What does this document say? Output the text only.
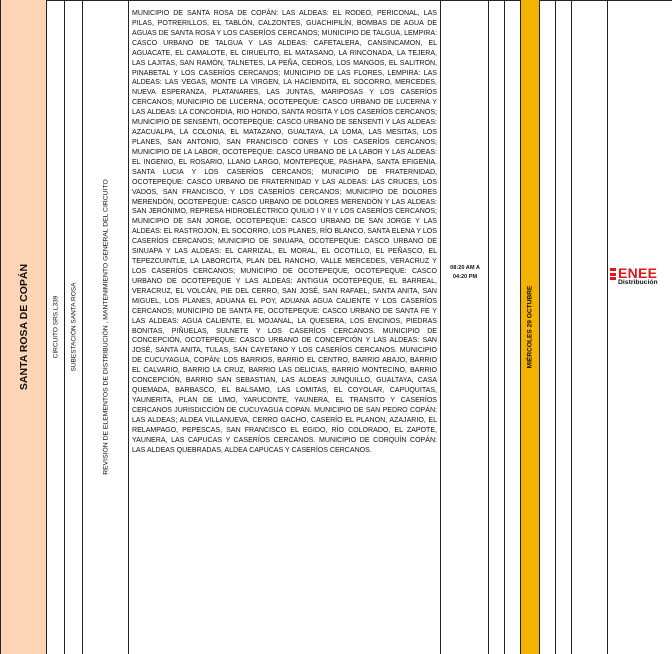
SANTA ROSA DE COPÁN	CIRCUITO SRS L339 SUBESTACIÓN SANTA ROSA	REVISIÓN DE ELEMENTOS DE DISTRIBUCIÓN , MANTENIMIENTO GENERAL DEL CIRCUITO

MUNICIPIO DE SANTA ROSA DE COPÁN: LAS ALDEAS: EL RODEO, PERICONAL, LAS PILAS, POTRERILLOS, EL TABLÓN, CALZONTES, GUACHIPILÍN, BOMBAS DE AGUA DE AGUAS DE SANTA ROSA Y LOS CASERÍOS CERCANOS; MUNICIPIO DE TALGUA, LEMPIRA: CASCO URBANO DE TALGUA Y LAS ALDEAS: CAFETALERA, CANSINCAMON, EL AGUACATE, EL CAMALOTE, EL CIRUELITO, EL MATASANO, LA RINCONADA, LA TEJERA, LAS LAJITAS, SAN RAMÓN, TALNETES, LA PEÑA, CEDROS, LOS MANGOS, EL SALITRON, PINABETAL Y LOS CASERÍOS CERCANOS; MUNICIPIO DE LAS FLORES, LEMPIRA: LAS ALDEAS: LAS VEGAS, MONTE LA VIRGEN, LA HACIENDITA, EL SOCORRO, MERCEDES, NUEVA ESPERANZA, PLATANARES, LAS JUNTAS, MARIPOSAS Y LOS CASERÍOS CERCANOS; MUNICIPIO DE LUCERNA, OCOTEPEQUE: CASCO URBANO DE LUCERNA Y LAS ALDEAS: LA CONCORDIA, RIO HONDO, SANTA ROSITA Y LOS CASERÍOS CERCANOS; MUNICIPIO DE SENSENTI, OCOTEPEQUE: CASCO URBANO DE SENSENTI Y LAS ALDEAS: AZACUALPA, LA COLONIA, EL MATAZANO, GUALTAYA, LA LOMA, LAS MESITAS, LOS PLANES, SAN ANTONIO, SAN FRANCISCO CONES Y LOS CASERÍOS CERCANOS; MUNICIPIO DE LA LABOR, OCOTEPEQUE: CASCO URBANO DE LA LABOR Y LAS ALDEAS: EL INGENIO, EL ROSARIO, LLANO LARGO, MONTEPEQUE, PASHAPA, SANTA EFIGENIA, SANTA LUCIA Y LOS CASERÍOS CERCANOS; MUNICIPIO DE FRATERNIDAD, OCOTEPEQUE: CASCO URBANO DE FRATERNIDAD Y LAS ALDEAS: LAS CRUCES, LOS VADOS, SAN FRANCISCO, Y LOS CASERÍOS CERCANOS; MUNICIPIO DE DOLORES MERENDÓN, OCOTEPEQUE: CASCO URBANO DE DOLORES MERENDÓN Y LAS ALDEAS: SAN JERÓNIMO, REPRESA HIDROELÉCTRICO QUILIO I Y II Y LOS CASERÍOS CERCANOS; MUNICIPIO DE SAN JORGE, OCOTEPEQUE: CASCO URBANO DE SAN JORGE Y LAS ALDEAS: EL RASTROJON, EL SOCORRO, LOS PLANES, RÍO BLANCO, SANTA ELENA Y LOS CASERÍOS CERCANOS; MUNICIPIO DE SINUAPA, OCOTEPEQUE: CASCO URBANO DE SINUAPA Y LAS ALDEAS: EL CARRIZAL, EL MORAL, EL OCOTILLO, EL PEÑASCO, EL TEPEZCUINTLE, LA LABORCITA, PLAN DEL RANCHO, VALLE MERCEDES, VERACRUZ Y LOS CASERÍOS CERCANOS; MUNICIPIO DE OCOTEPEQUE, OCOTEPEQUE: CASCO URBANO DE OCOTEPEQUE Y LAS ALDEAS: ANTIGUA OCOTEPEQUE, EL BARREAL, VERACRUZ, EL VOLCÁN, PIE DEL CERRO, SAN JOSÉ, SAN RAFAEL, SANTA ANITA, SAN MIGUEL, LOS PLANES, ADUANA EL POY, ADUANA AGUA CALIENTE Y LOS CASERÍOS CERCANOS; MUNICIPIO DE SANTA FE, OCOTEPEQUE: CASCO URBANO DE SANTA FE Y LAS ALDEAS: AGUA CALIENTE, EL MOJANAL, LA QUESERA, LOS ENCINOS, PIEDRAS BONITAS, PIÑUELAS, SULNETE Y LOS CASERÍOS CERCANOS. MUNICIPIO DE CONCEPCIÓN, OCOTEPEQUE: CASCO URBANO DE CONCEPCIÓN Y LAS ALDEAS: SAN JOSÉ, SANTA ANITA, TULAS, SAN CAYETANO Y LOS CASERÍOS CERCANOS. MUNICIPIO DE CUCUYAGUA, COPÁN: LOS BARRIOS, BARRIO EL CENTRO, BARRIO ABAJO, BARRIO EL CALVARIO, BARRIO LA CRUZ, BARRIO LAS DELICIAS, BARRIO MONTECINO, BARRIO CONCEPCIÓN, BARRIO SAN SEBASTIAN, LAS ALDEAS JUNQUILLO, GUALTAYA, CASA QUEMADA, BARBASCO, EL BALSAMO, LAS LOMITAS, EL COYOLAR, CAPUQUITAS, YAUNERITA, PLAN DE LIMO, YARUCONTE, YAUNERA, EL TRANSITO Y CASERÍOS CERCANOS JURISDICCIÓN DE CUCUYAGUA COPAN. MUNICIPIO DE SAN PEDRO COPÁN: LAS ALDEAS; ALDEA VILLANUEVA, CERRO GACHO, CASERÍO EL PLANON, AZAJARIO, EL RELAMPAGO, PEPESCAS, SAN FRANCISCO EL EGIDO, RÍO COLORADO, EL ZAPOTE, YAUNERA, LAS CAPUCAS Y CASERÍOS CERCANOS. MUNICIPIO DE CORQUÍN COPÁN: LAS ALDEAS QUEBRADAS, ALDEA CAPUCAS Y CASERÍOS CERCANOS.

08:20 AM A
04:20 PM
MIÉRCOLES 29 OCTUBRE
ENEE
Distribución
